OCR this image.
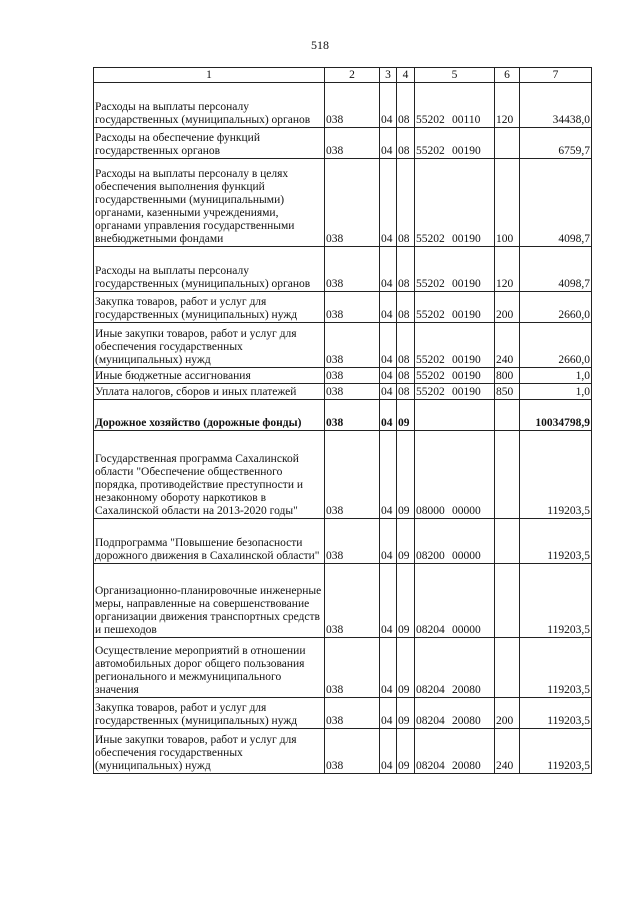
518
1	2	3	4	5	6	7
Расходы на выплаты персоналу государственных (муниципальных) органов	038	04	08	55202 00110	120	34438,0
Расходы на обеспечение функций государственных органов	038	04	08	55202 00190		6759,7
Расходы на выплаты персоналу в целях обеспечения выполнения функций государственными (муниципальными) органами, казенными учреждениями, органами управления государственными внебюджетными фондами	038	04	08	55202 00190	100	4098,7
Расходы на выплаты персоналу государственных (муниципальных) органов	038	04	08	55202 00190	120	4098,7
Закупка товаров, работ и услуг для государственных (муниципальных) нужд	038	04	08	55202 00190	200	2660,0
Иные закупки товаров, работ и услуг для обеспечения государственных (муниципальных) нужд	038	04	08	55202 00190	240	2660,0
Иные бюджетные ассигнования	038	04	08	55202 00190	800	1,0
Уплата налогов, сборов и иных платежей	038	04	08	55202 00190	850	1,0
Дорожное хозяйство (дорожные фонды)	038	04	09			10034798,9
Государственная программа Сахалинской области "Обеспечение общественного порядка, противодействие преступности и незаконному обороту наркотиков в Сахалинской области на 2013-2020 годы"	038	04	09	08000 00000		119203,5
Подпрограмма "Повышение безопасности дорожного движения в Сахалинской области"	038	04	09	08200 00000		119203,5
Организационно-планировочные инженерные меры, направленные на совершенствование организации движения транспортных средств и пешеходов	038	04	09	08204 00000		119203,5
Осуществление мероприятий в отношении автомобильных дорог общего пользования регионального и межмуниципального значения	038	04	09	08204 20080		119203,5
Закупка товаров, работ и услуг для государственных (муниципальных) нужд	038	04	09	08204 20080	200	119203,5
Иные закупки товаров, работ и услуг для обеспечения государственных (муниципальных) нужд	038	04	09	08204 20080	240	119203,5
